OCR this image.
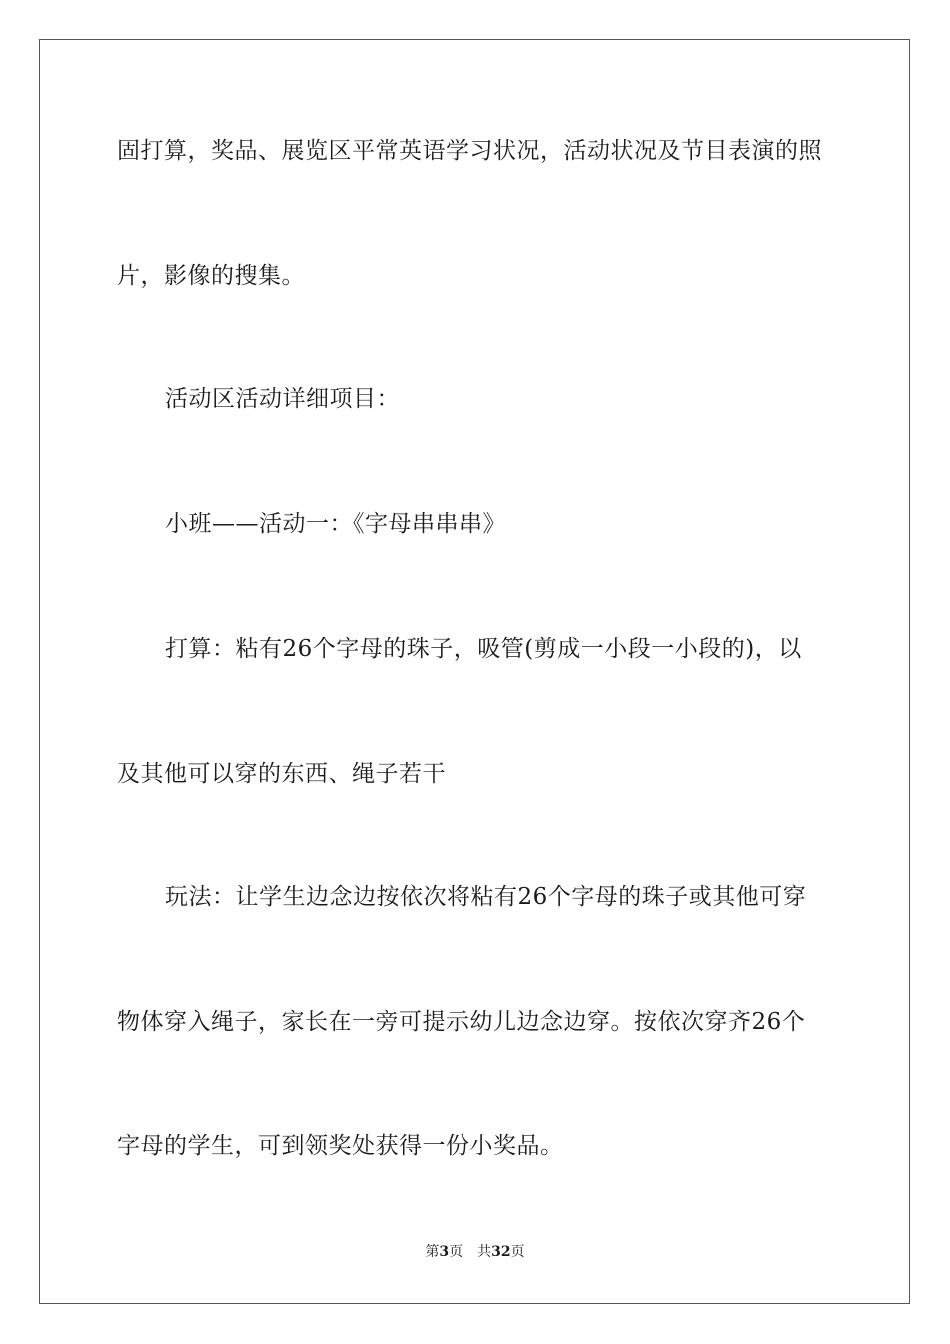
固打算，奖品、展览区平常英语学习状况，活动状况及节目表演的照
片，影像的搜集。
活动区活动详细项目：
小班——活动一：《字母串串串》
打算：粘有26个字母的珠子，吸管(剪成一小段一小段的)，以
及其他可以穿的东西、绳子若干
玩法：让学生边念边按依次将粘有26个字母的珠子或其他可穿
物体穿入绳子，家长在一旁可提示幼儿边念边穿。按依次穿齐26个
字母的学生，可到领奖处获得一份小奖品。
第3页 共32页
